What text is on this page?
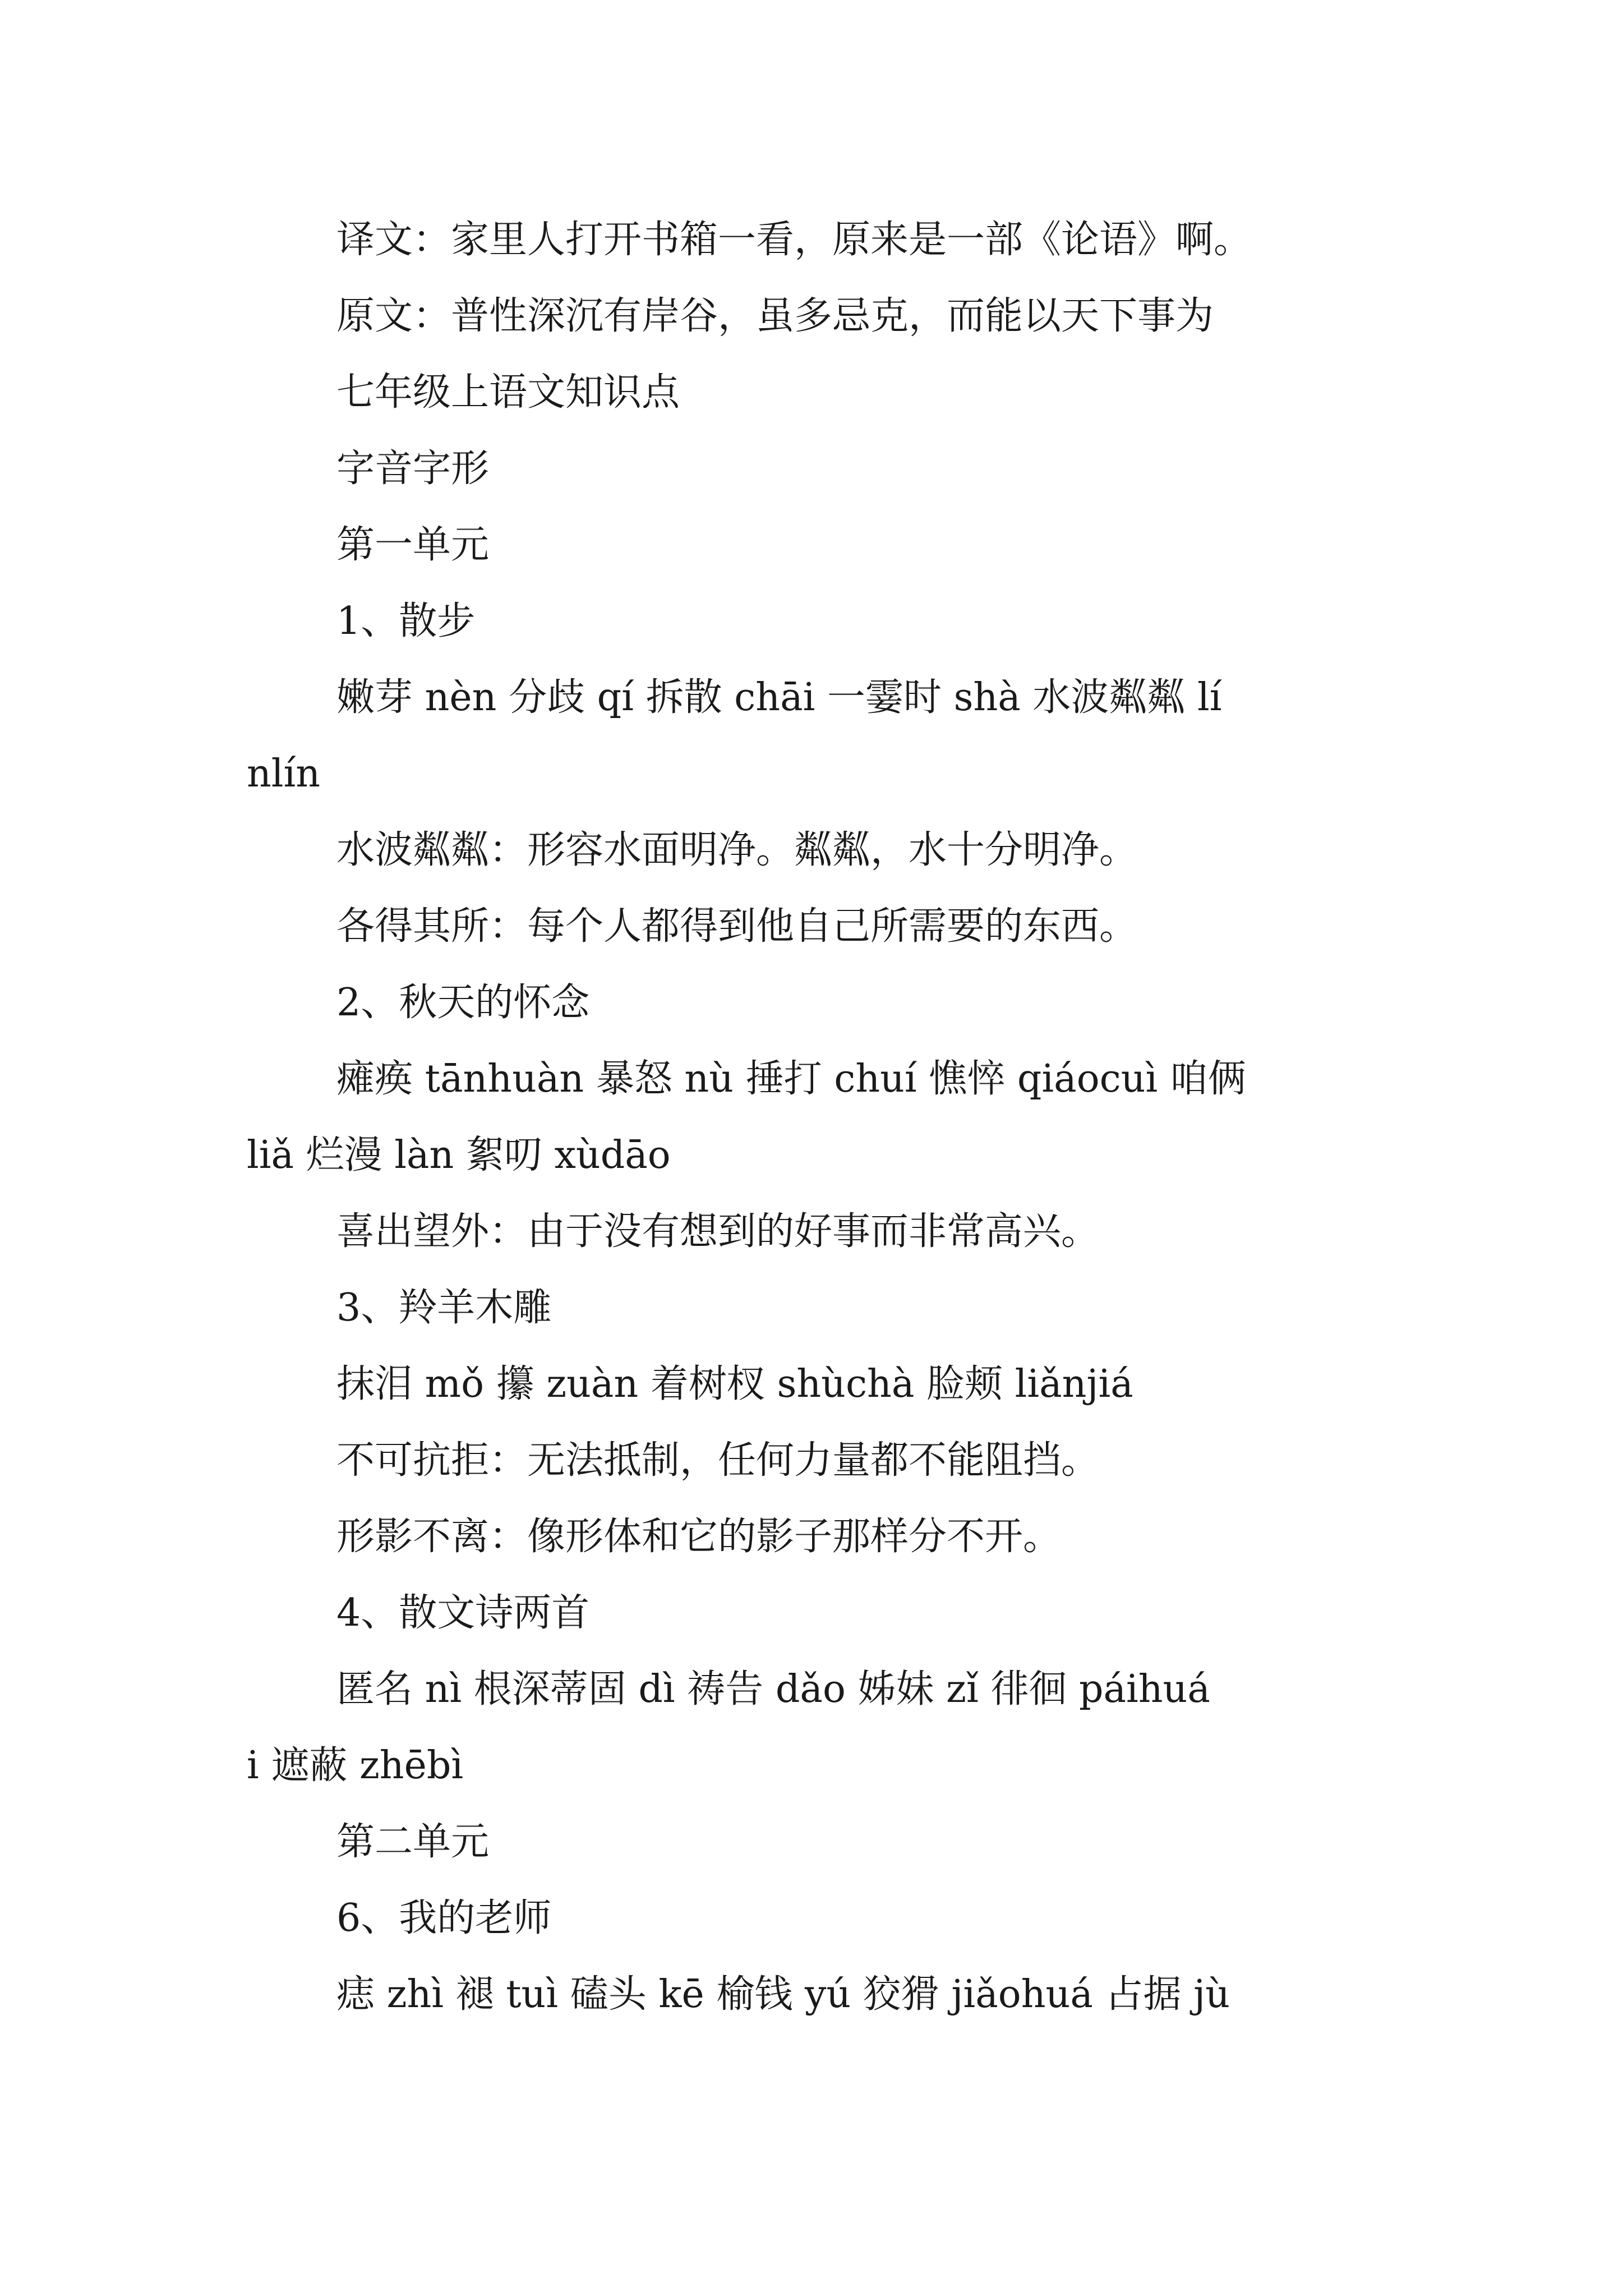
译文：家里人打开书箱一看，原来是一部《论语》啊。
原文：普性深沉有岸谷，虽多忌克，而能以天下事为
七年级上语文知识点
字音字形
第一单元
1、散步
嫩芽 nèn 分歧 qí 拆散 chāi 一霎时 shà 水波粼粼 lí
nlín
水波粼粼：形容水面明净。粼粼，水十分明净。
各得其所：每个人都得到他自己所需要的东西。
2、秋天的怀念
瘫痪 tānhuàn 暴怒 nù 捶打 chuí 憔悴 qiáocuì 咱俩
liǎ 烂漫 làn 絮叨 xùdāo
喜出望外：由于没有想到的好事而非常高兴。
3、羚羊木雕
抹泪 mǒ 攥 zuàn 着树杈 shùchà 脸颊 liǎnjiá
不可抗拒：无法抵制，任何力量都不能阻挡。
形影不离：像形体和它的影子那样分不开。
4、散文诗两首
匿名 nì 根深蒂固 dì 祷告 dǎo 姊妹 zǐ 徘徊 páihuá
i 遮蔽 zhēbì
第二单元
6、我的老师
痣 zhì 褪 tuì 磕头 kē 榆钱 yú 狡猾 jiǎohuá 占据 jù
